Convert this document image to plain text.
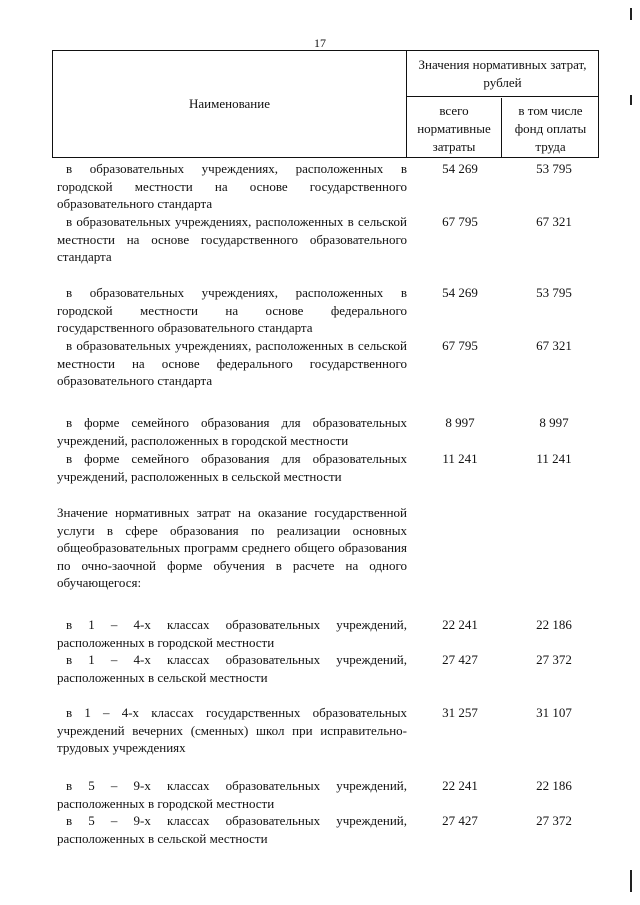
17
Наименование
Значения нормативных затрат, рублей
всего нормативные затраты
в том числе фонд оплаты труда
в образовательных учреждениях, расположенных в городской местности на основе государственного образовательного стандарта
54 269	53 795
в образовательных учреждениях, расположенных в сельской местности на основе государственного образовательного стандарта
67 795	67 321
в образовательных учреждениях, расположенных в городской местности на основе федерального государственного образовательного стандарта
54 269	53 795
в образовательных учреждениях, расположенных в сельской местности на основе федерального государственного образовательного стандарта
67 795	67 321
в форме семейного образования для образовательных учреждений, расположенных в городской местности
8 997	8 997
в форме семейного образования для образовательных учреждений, расположенных в сельской местности
11 241	11 241
Значение нормативных затрат на оказание государственной услуги в сфере образования по реализации основных общеобразовательных программ среднего общего образования по очно-заочной форме обучения в расчете на одного обучающегося:
в 1 – 4-х классах образовательных учреждений, расположенных в городской местности
22 241	22 186
в 1 – 4-х классах образовательных учреждений, расположенных в сельской местности
27 427	27 372
в 1 – 4-х классах государственных образовательных учреждений вечерних (сменных) школ при исправительно-трудовых учреждениях
31 257	31 107
в 5 – 9-х классах образовательных учреждений, расположенных в городской местности
22 241	22 186
в 5 – 9-х классах образовательных учреждений, расположенных в сельской местности
27 427	27 372
